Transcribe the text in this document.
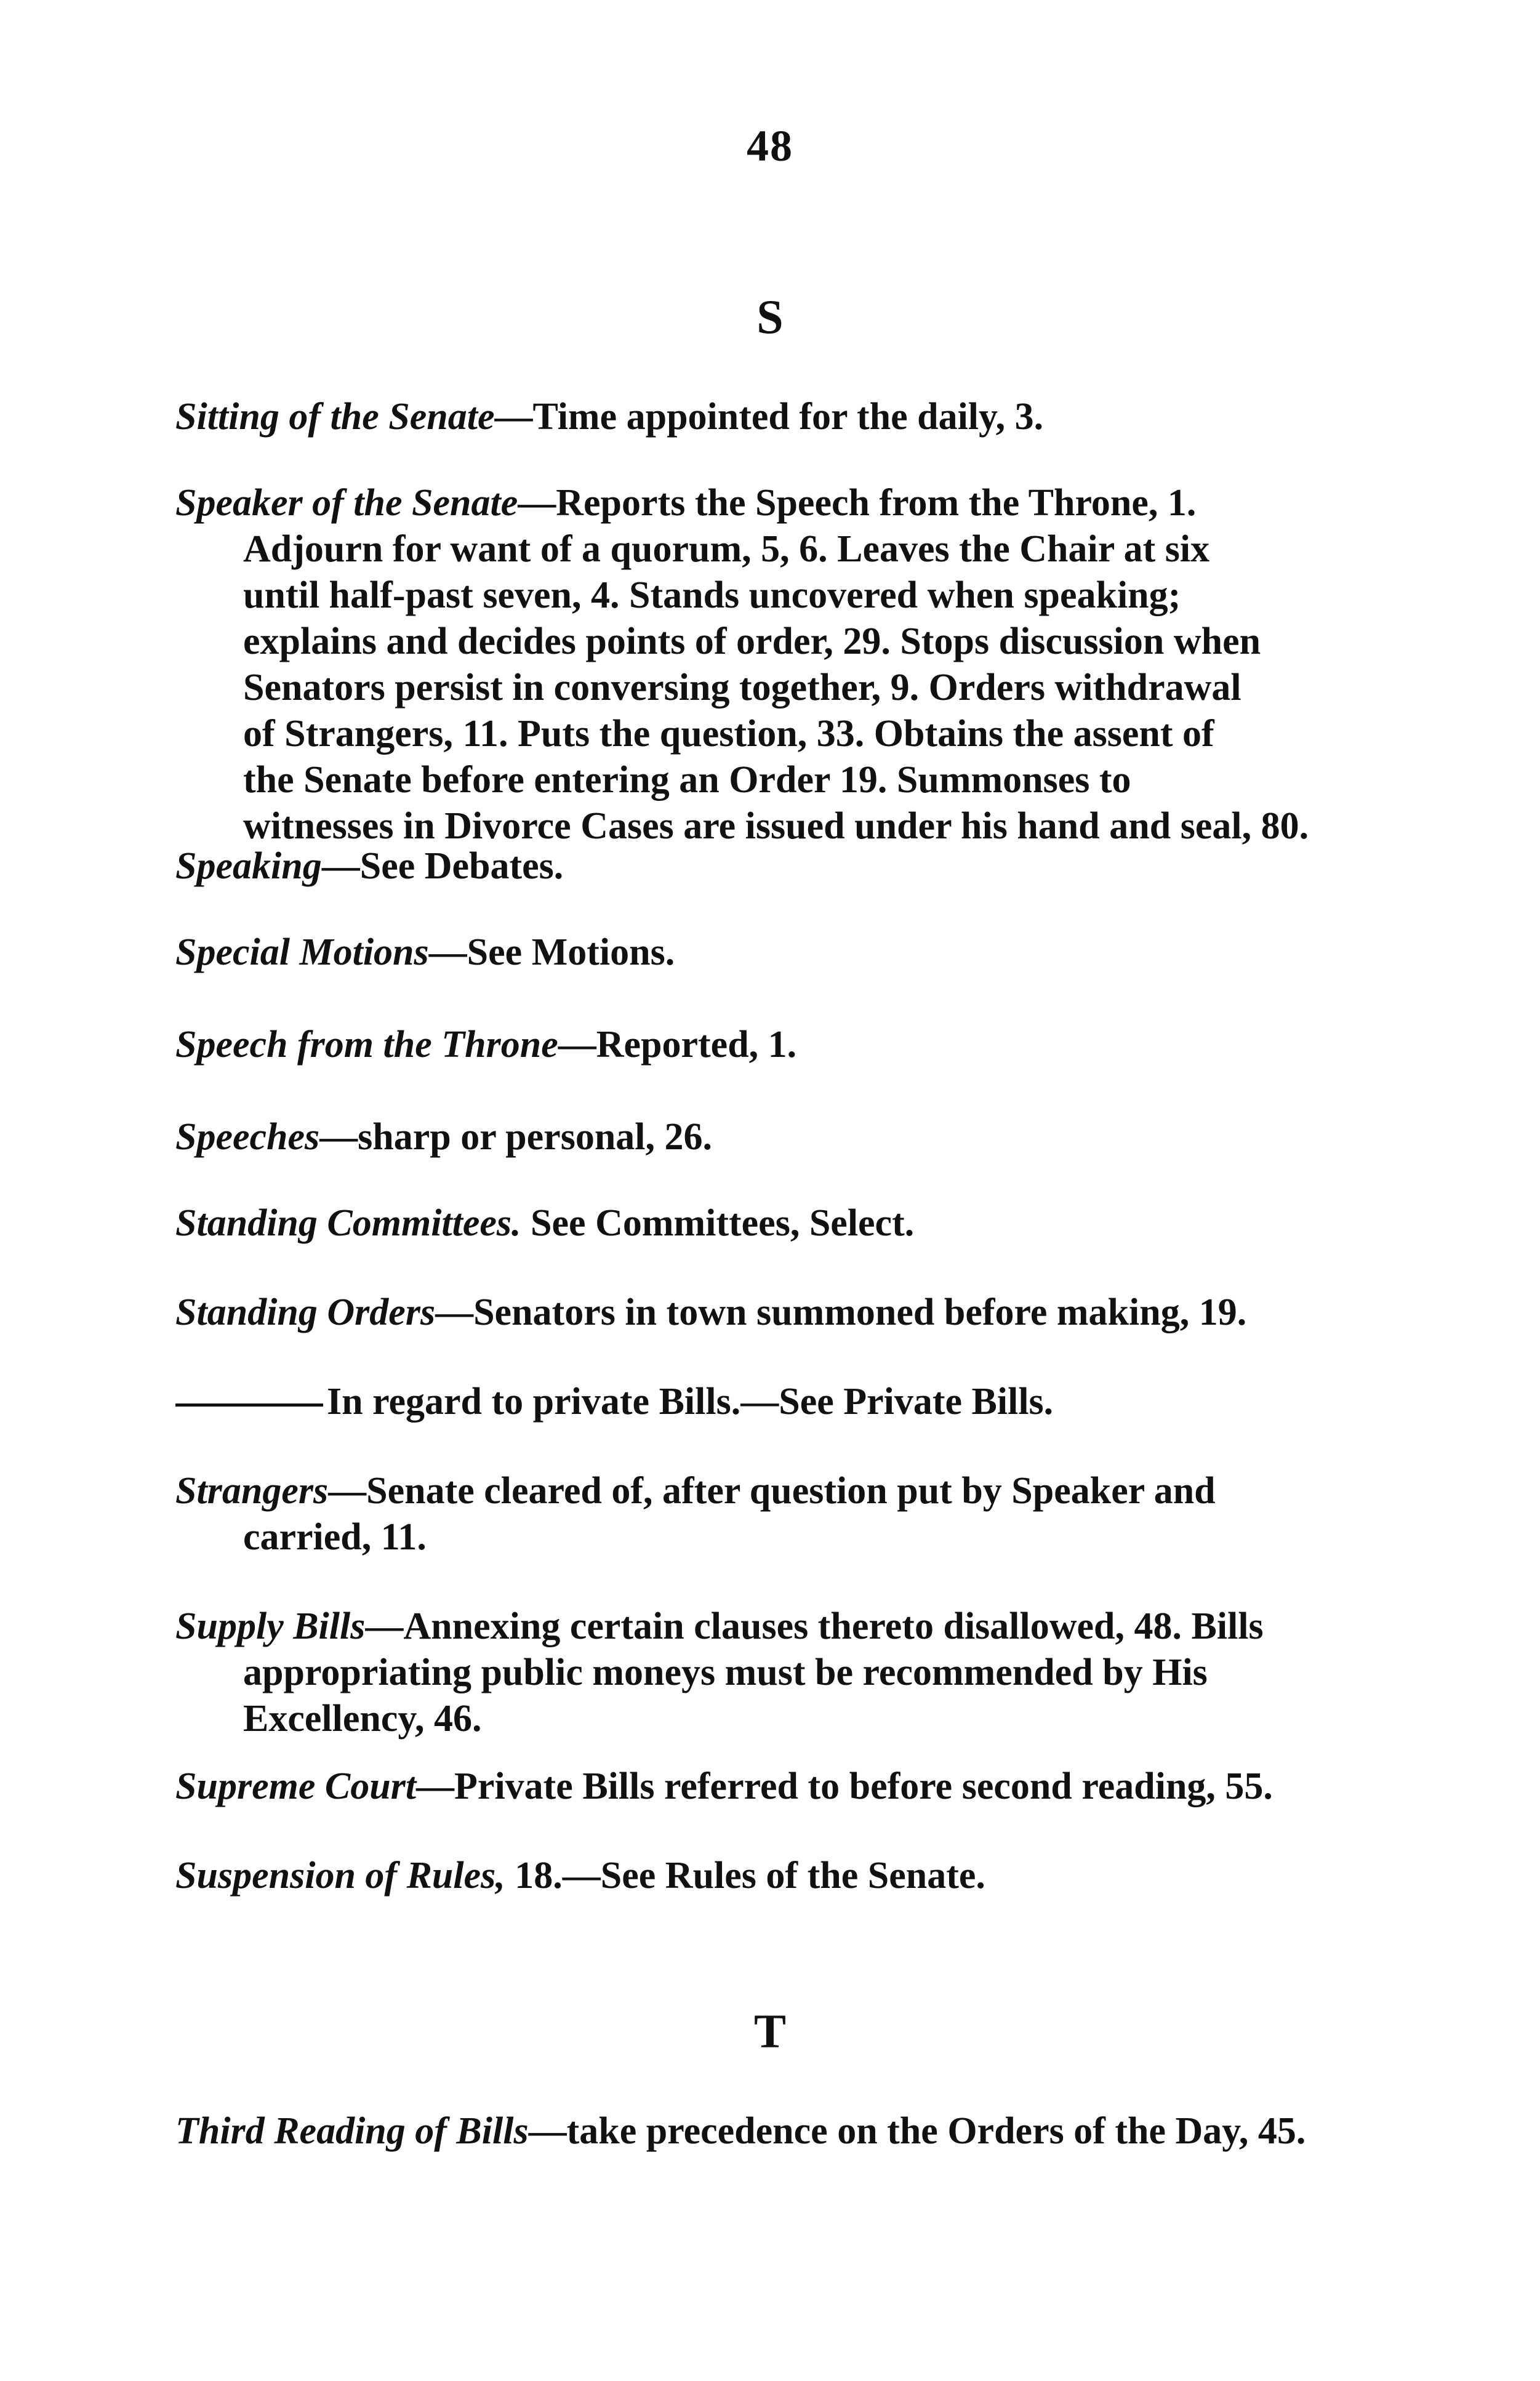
48
S
Sitting of the Senate—Time appointed for the daily, 3.
Speaker of the Senate—Reports the Speech from the Throne, 1.
Adjourn for want of a quorum, 5, 6. Leaves the Chair at six
until half-past seven, 4. Stands uncovered when speaking;
explains and decides points of order, 29. Stops discussion when
Senators persist in conversing together, 9. Orders withdrawal
of Strangers, 11. Puts the question, 33. Obtains the assent of
the Senate before entering an Order 19. Summonses to
witnesses in Divorce Cases are issued under his hand and seal, 80.
Speaking—See Debates.
Special Motions—See Motions.
Speech from the Throne—Reported, 1.
Speeches—sharp or personal, 26.
Standing Committees. See Committees, Select.
Standing Orders—Senators in town summoned before making, 19.
In regard to private Bills.—See Private Bills.
Strangers—Senate cleared of, after question put by Speaker and
carried, 11.
Supply Bills—Annexing certain clauses thereto disallowed, 48. Bills
appropriating public moneys must be recommended by His
Excellency, 46.
Supreme Court—Private Bills referred to before second reading, 55.
Suspension of Rules, 18.—See Rules of the Senate.
T
Third Reading of Bills—take precedence on the Orders of the Day, 45.
